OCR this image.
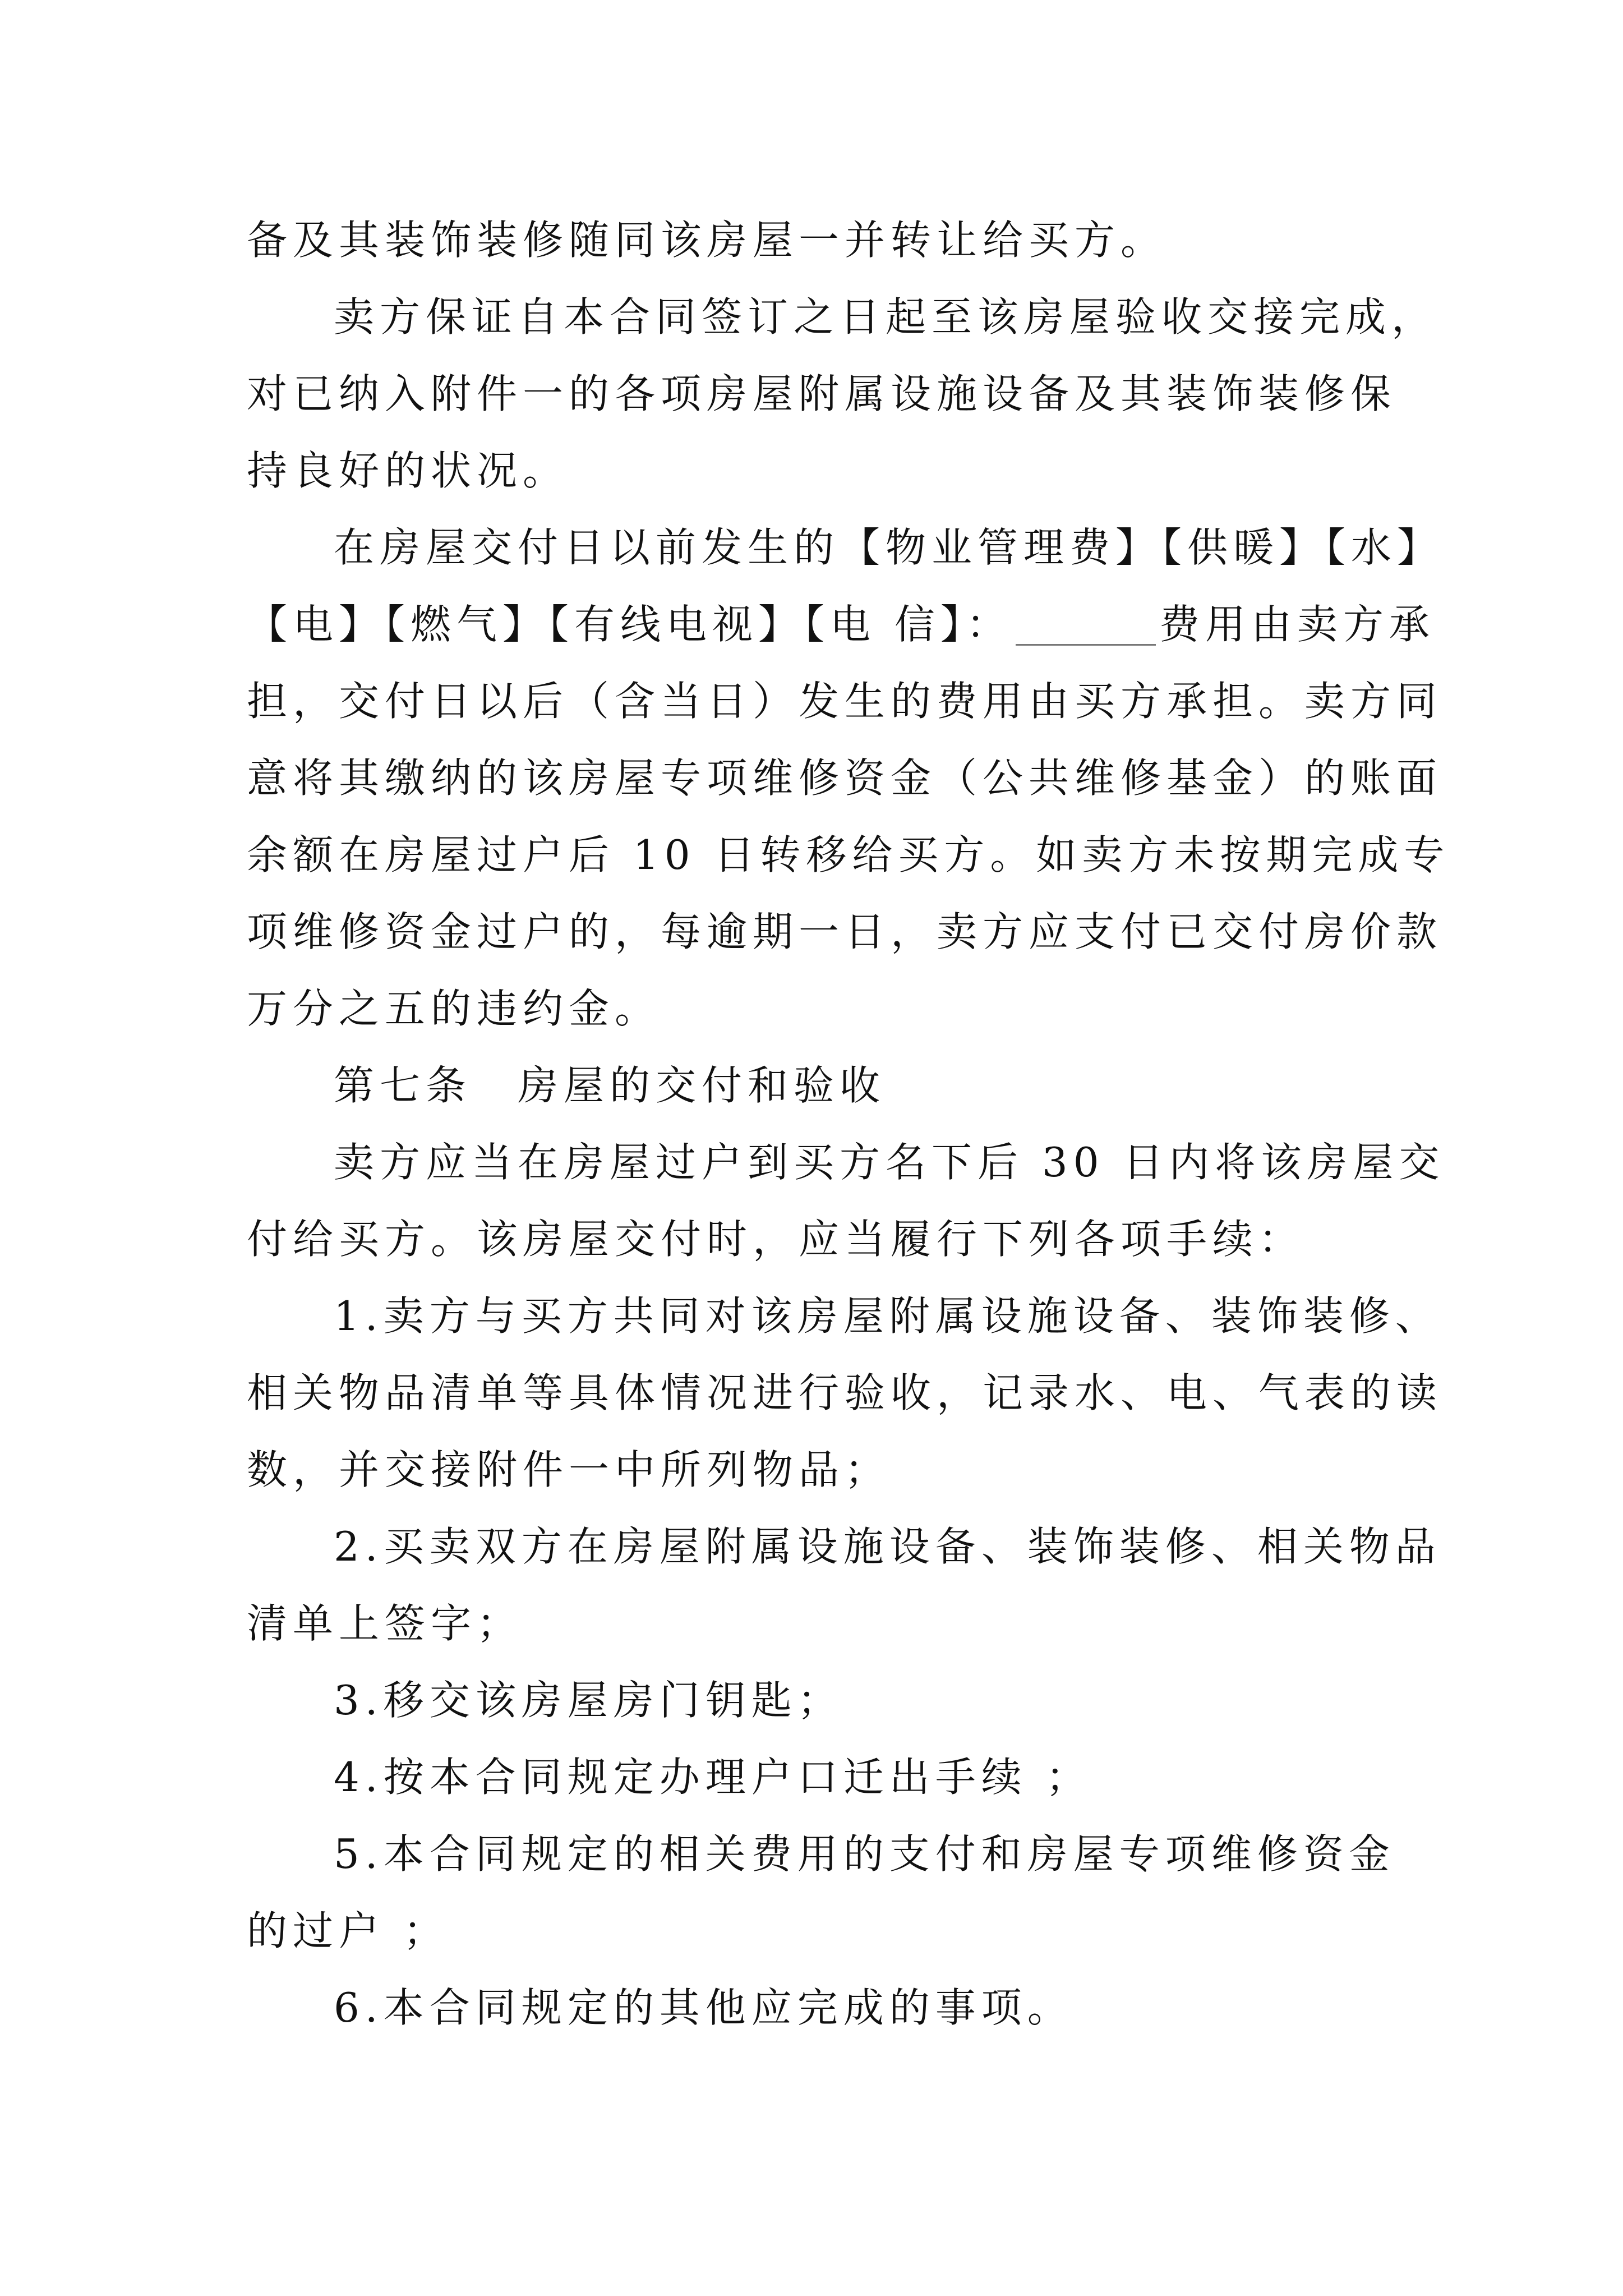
备及其装饰装修随同该房屋一并转让给买方。
卖方保证自本合同签订之日起至该房屋验收交接完成，
对已纳入附件一的各项房屋附属设施设备及其装饰装修保
持良好的状况。
在房屋交付日以前发生的【物业管理费】【供暖】【水】
【电】【燃气】【有线电视】【电 信】：	费用由卖方承
担，交付日以后（含当日）发生的费用由买方承担。卖方同
意将其缴纳的该房屋专项维修资金（公共维修基金）的账面
余额在房屋过户后 10 日转移给买方。如卖方未按期完成专
项维修资金过户的，每逾期一日，卖方应支付已交付房价款
万分之五的违约金。
第七条　房屋的交付和验收
卖方应当在房屋过户到买方名下后 30 日内将该房屋交
付给买方。该房屋交付时，应当履行下列各项手续：
1.卖方与买方共同对该房屋附属设施设备、装饰装修、
相关物品清单等具体情况进行验收，记录水、电、气表的读
数，并交接附件一中所列物品；
2.买卖双方在房屋附属设施设备、装饰装修、相关物品
清单上签字；
3.移交该房屋房门钥匙；
4.按本合同规定办理户口迁出手续 ；
5.本合同规定的相关费用的支付和房屋专项维修资金
的过户 ；
6.本合同规定的其他应完成的事项。
